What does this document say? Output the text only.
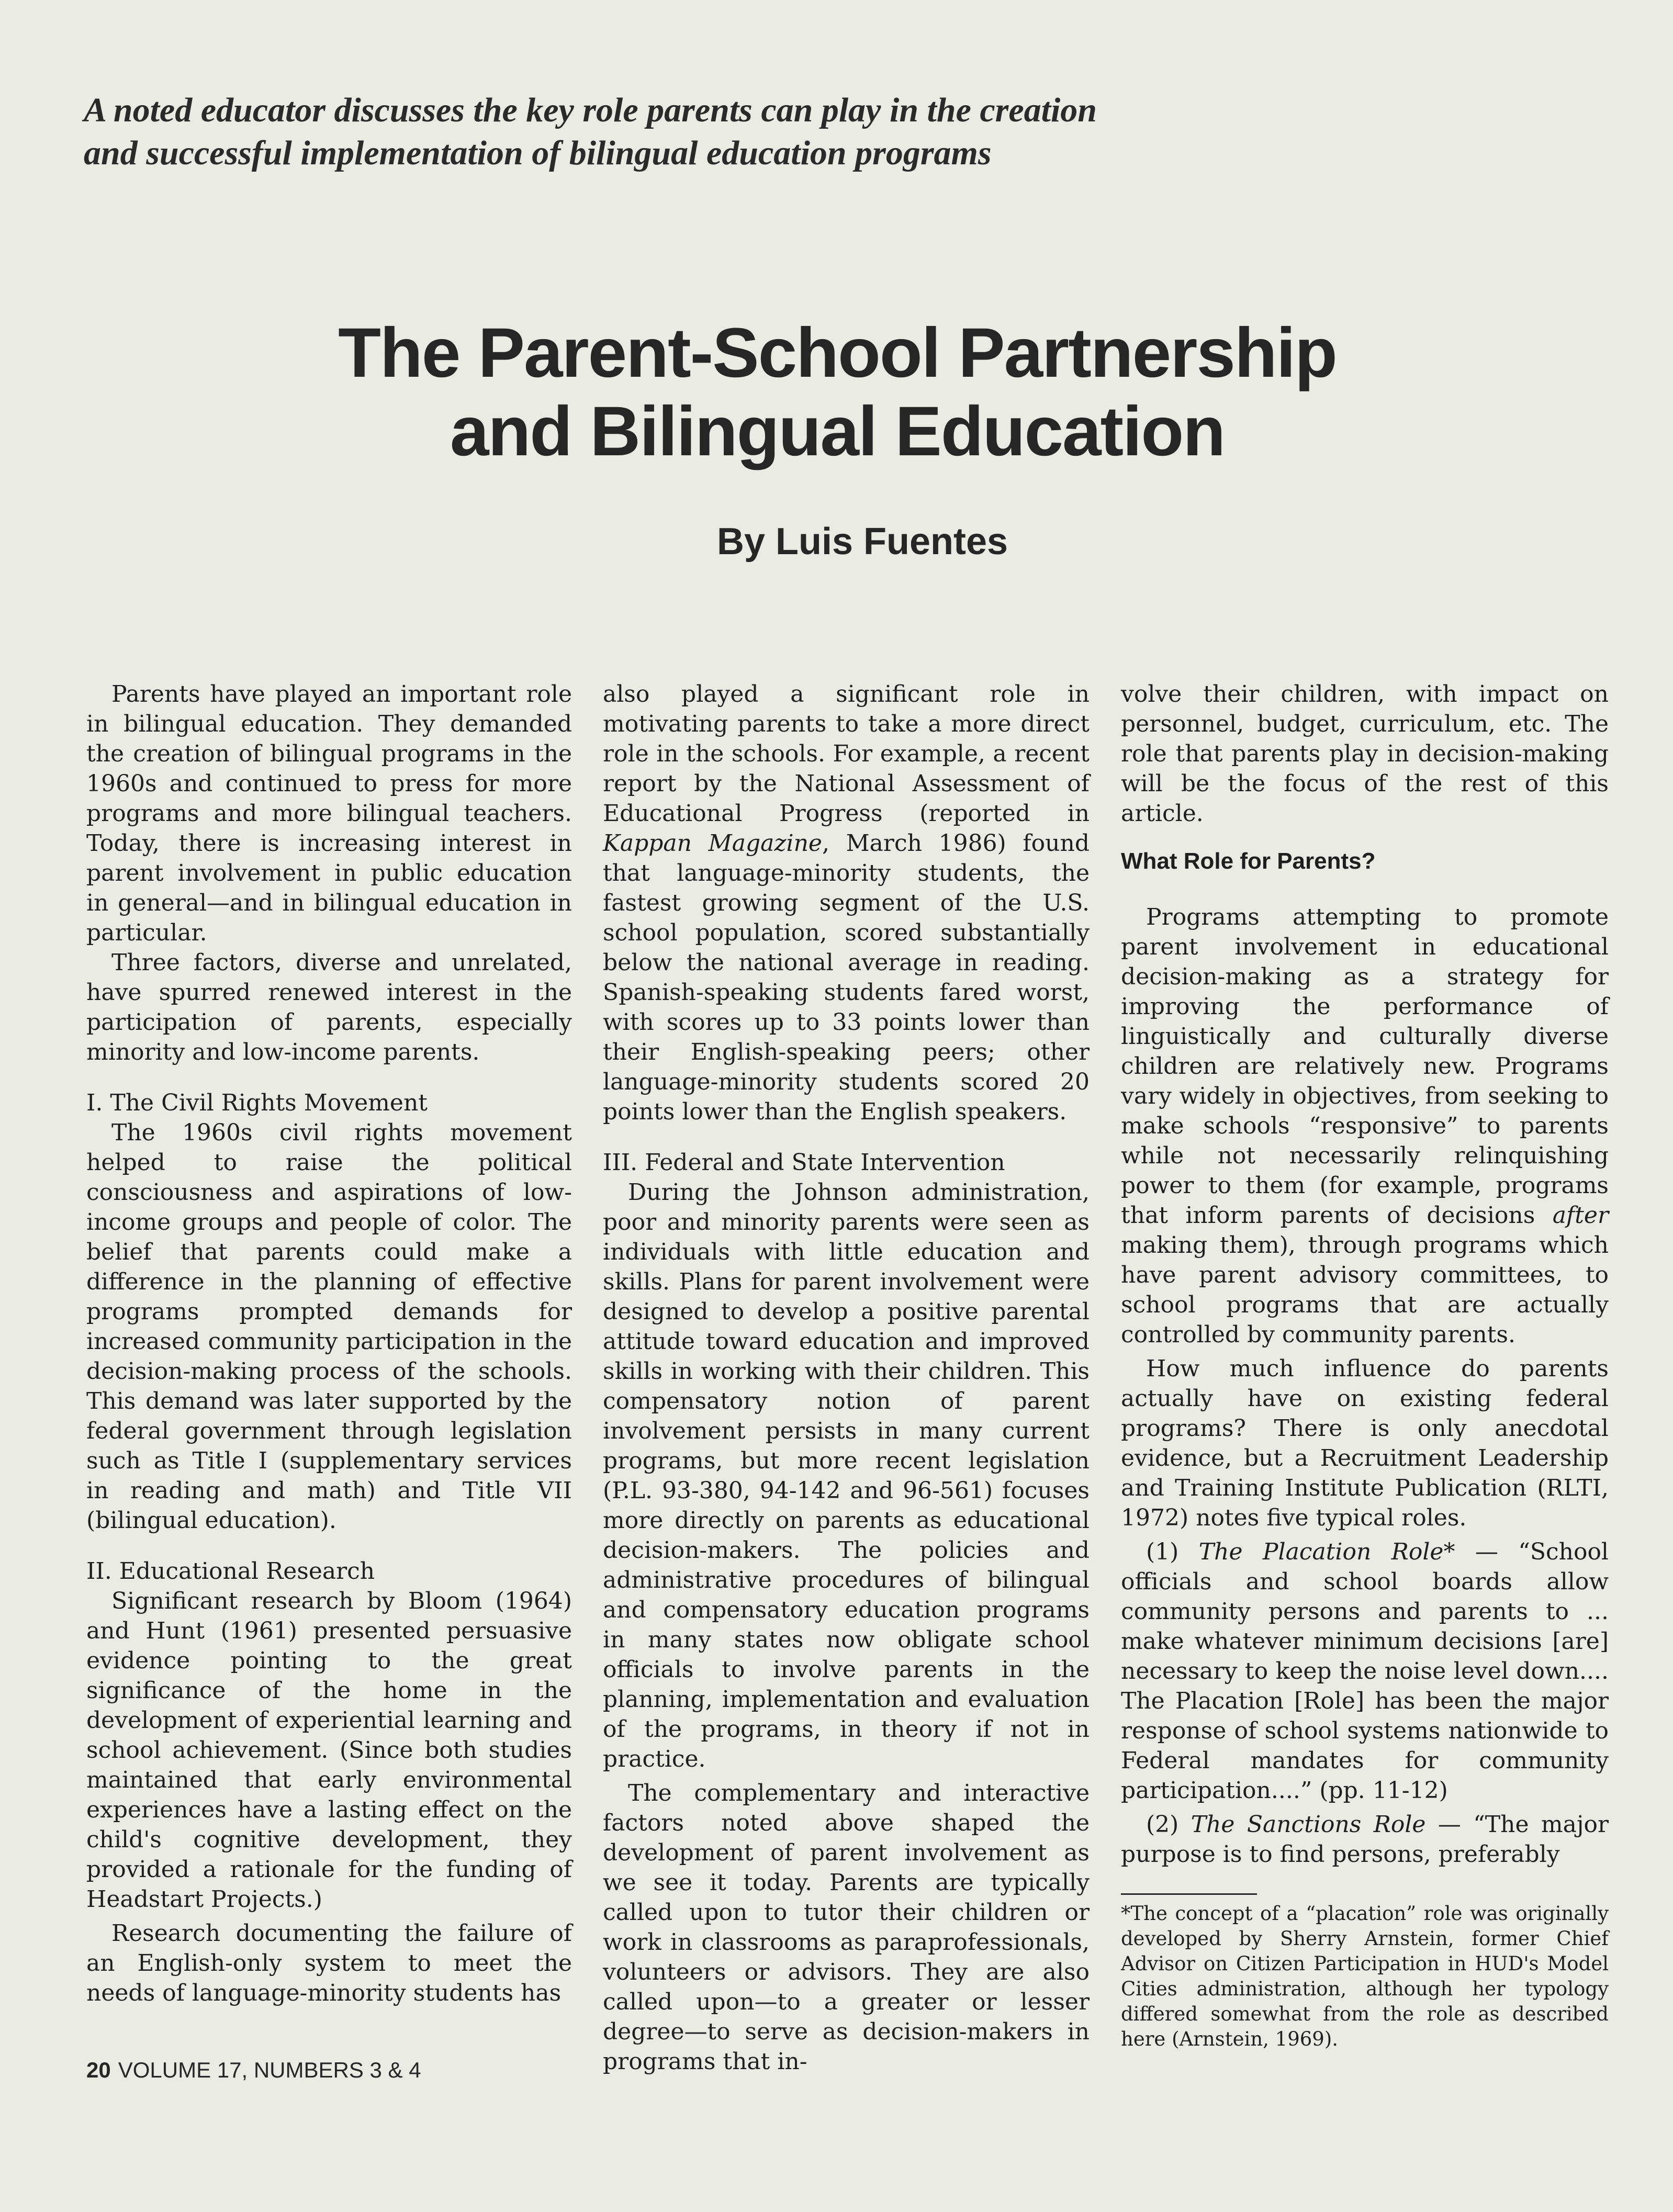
A noted educator discusses the key role parents can play in the creation and successful implementation of bilingual education programs
The Parent-School Partnership
and Bilingual Education
By Luis Fuentes

Parents have played an important role in bilingual education. They demanded the creation of bilingual programs in the 1960s and continued to press for more programs and more bilingual teachers. Today, there is increasing interest in parent involvement in public education in general—and in bilingual education in particular.

Three factors, diverse and unrelated, have spurred renewed interest in the participation of parents, especially minority and low-income parents.

I. The Civil Rights Movement

The 1960s civil rights movement helped to raise the political consciousness and aspirations of low-income groups and people of color. The belief that parents could make a difference in the planning of effective programs prompted demands for increased community participation in the decision-making process of the schools. This demand was later supported by the federal government through legislation such as Title I (supplementary services in reading and math) and Title VII (bilingual education).

II. Educational Research

Significant research by Bloom (1964) and Hunt (1961) presented persuasive evidence pointing to the great significance of the home in the development of experiential learning and school achievement. (Since both studies maintained that early environmental experiences have a lasting effect on the child's cognitive development, they provided a rationale for the funding of Headstart Projects.)

Research documenting the failure of an English-only system to meet the needs of language-minority students has

also played a significant role in motivating parents to take a more direct role in the schools. For example, a recent report by the National Assessment of Educational Progress (reported in Kappan Magazine, March 1986) found that language-minority students, the fastest growing segment of the U.S. school population, scored substantially below the national average in reading. Spanish-speaking students fared worst, with scores up to 33 points lower than their English-speaking peers; other language-minority students scored 20 points lower than the English speakers.

III. Federal and State Intervention

During the Johnson administration, poor and minority parents were seen as individuals with little education and skills. Plans for parent involvement were designed to develop a positive parental attitude toward education and improved skills in working with their children. This compensatory notion of parent involvement persists in many current programs, but more recent legislation (P.L. 93-380, 94-142 and 96-561) focuses more directly on parents as educational decision-makers. The policies and administrative procedures of bilingual and compensatory education programs in many states now obligate school officials to involve parents in the planning, implementation and evaluation of the programs, in theory if not in practice.

The complementary and interactive factors noted above shaped the development of parent involvement as we see it today. Parents are typically called upon to tutor their children or work in classrooms as paraprofessionals, volunteers or advisors. They are also called upon—to a greater or lesser degree—to serve as decision-makers in programs that in-

volve their children, with impact on personnel, budget, curriculum, etc. The role that parents play in decision-making will be the focus of the rest of this article.

What Role for Parents?

Programs attempting to promote parent involvement in educational decision-making as a strategy for improving the performance of linguistically and culturally diverse children are relatively new. Programs vary widely in objectives, from seeking to make schools “responsive” to parents while not necessarily relinquishing power to them (for example, programs that inform parents of decisions after making them), through programs which have parent advisory committees, to school programs that are actually controlled by community parents.

How much influence do parents actually have on existing federal programs? There is only anecdotal evidence, but a Recruitment Leadership and Training Institute Publication (RLTI, 1972) notes five typical roles.

(1) The Placation Role* — “School officials and school boards allow community persons and parents to ... make whatever minimum decisions [are] necessary to keep the noise level down.... The Placation [Role] has been the major response of school systems nationwide to Federal mandates for community participation....” (pp. 11-12)

(2) The Sanctions Role — “The major purpose is to find persons, preferably

*The concept of a “placation” role was originally developed by Sherry Arnstein, former Chief Advisor on Citizen Participation in HUD's Model Cities administration, although her typology differed somewhat from the role as described here (Arnstein, 1969).
20 VOLUME 17, NUMBERS 3 & 4
